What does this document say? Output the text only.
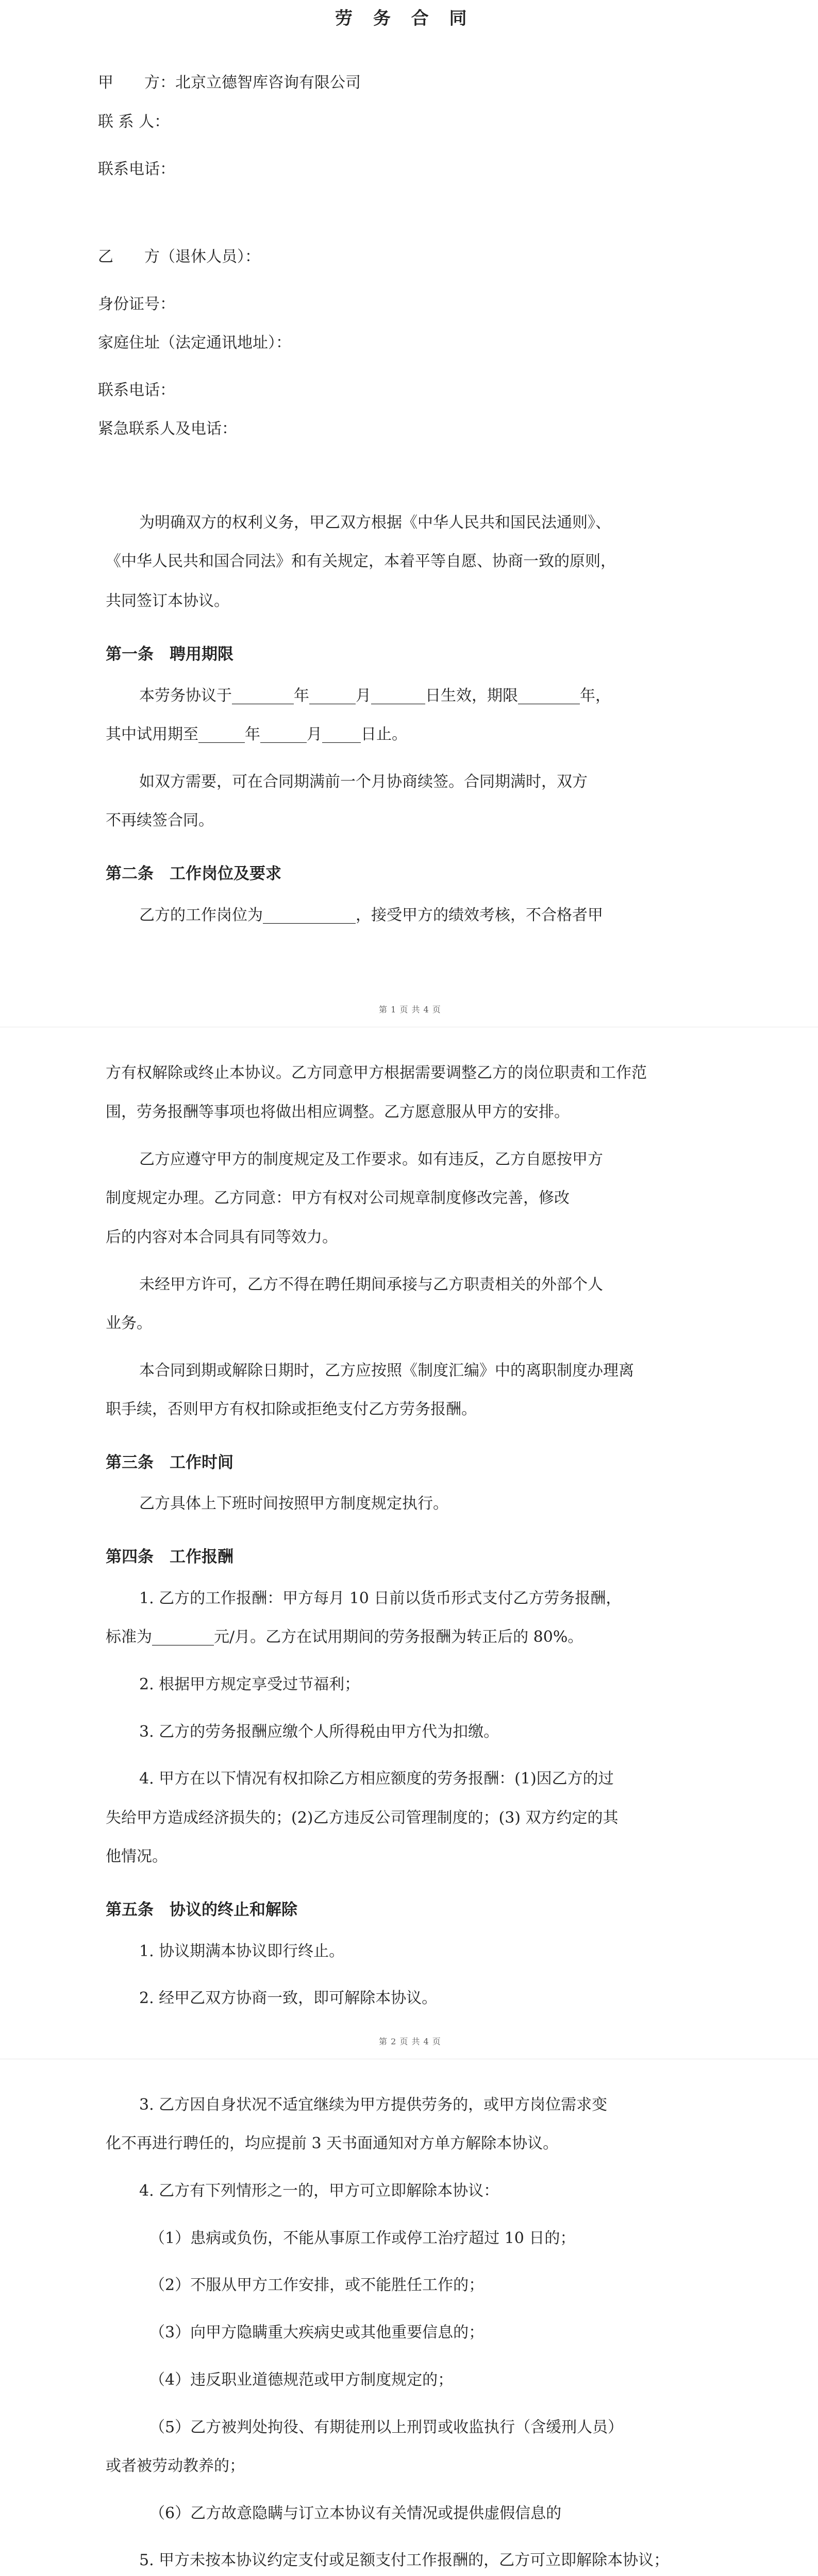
劳 务 合 同
甲　　方：北京立德智库咨询有限公司
联 系 人：
联系电话：
乙　　方（退休人员）：
身份证号：
家庭住址（法定通讯地址）：
联系电话：
紧急联系人及电话：
为明确双方的权利义务，甲乙双方根据《中华人民共和国民法通则》、
《中华人民共和国合同法》和有关规定，本着平等自愿、协商一致的原则，
共同签订本协议。
第一条　聘用期限
本劳务协议于________年______月_______日生效，期限________年，
其中试用期至______年______月_____日止。
如双方需要，可在合同期满前一个月协商续签。合同期满时，双方
不再续签合同。
第二条　工作岗位及要求
乙方的工作岗位为____________，接受甲方的绩效考核，不合格者甲
第 1 页 共 4 页
方有权解除或终止本协议。乙方同意甲方根据需要调整乙方的岗位职责和工作范
围，劳务报酬等事项也将做出相应调整。乙方愿意服从甲方的安排。
乙方应遵守甲方的制度规定及工作要求。如有违反，乙方自愿按甲方
制度规定办理。乙方同意：甲方有权对公司规章制度修改完善，修改
后的内容对本合同具有同等效力。
未经甲方许可，乙方不得在聘任期间承接与乙方职责相关的外部个人
业务。
本合同到期或解除日期时，乙方应按照《制度汇编》中的离职制度办理离
职手续，否则甲方有权扣除或拒绝支付乙方劳务报酬。
第三条　工作时间
乙方具体上下班时间按照甲方制度规定执行。
第四条　工作报酬
1. 乙方的工作报酬：甲方每月 10 日前以货币形式支付乙方劳务报酬，
标准为________元/月。乙方在试用期间的劳务报酬为转正后的 80%。
2. 根据甲方规定享受过节福利；
3. 乙方的劳务报酬应缴个人所得税由甲方代为扣缴。
4. 甲方在以下情况有权扣除乙方相应额度的劳务报酬：(1)因乙方的过
失给甲方造成经济损失的；(2)乙方违反公司管理制度的；(3) 双方约定的其
他情况。
第五条　协议的终止和解除
1. 协议期满本协议即行终止。
2. 经甲乙双方协商一致，即可解除本协议。
第 2 页 共 4 页
3. 乙方因自身状况不适宜继续为甲方提供劳务的，或甲方岗位需求变
化不再进行聘任的，均应提前 3 天书面通知对方单方解除本协议。
4. 乙方有下列情形之一的，甲方可立即解除本协议：
（1）患病或负伤，不能从事原工作或停工治疗超过 10 日的；
（2）不服从甲方工作安排，或不能胜任工作的；
（3）向甲方隐瞒重大疾病史或其他重要信息的；
（4）违反职业道德规范或甲方制度规定的；
（5）乙方被判处拘役、有期徒刑以上刑罚或收监执行（含缓刑人员）
或者被劳动教养的；
（6）乙方故意隐瞒与订立本协议有关情况或提供虚假信息的
5. 甲方未按本协议约定支付或足额支付工作报酬的，乙方可立即解除本协议；
